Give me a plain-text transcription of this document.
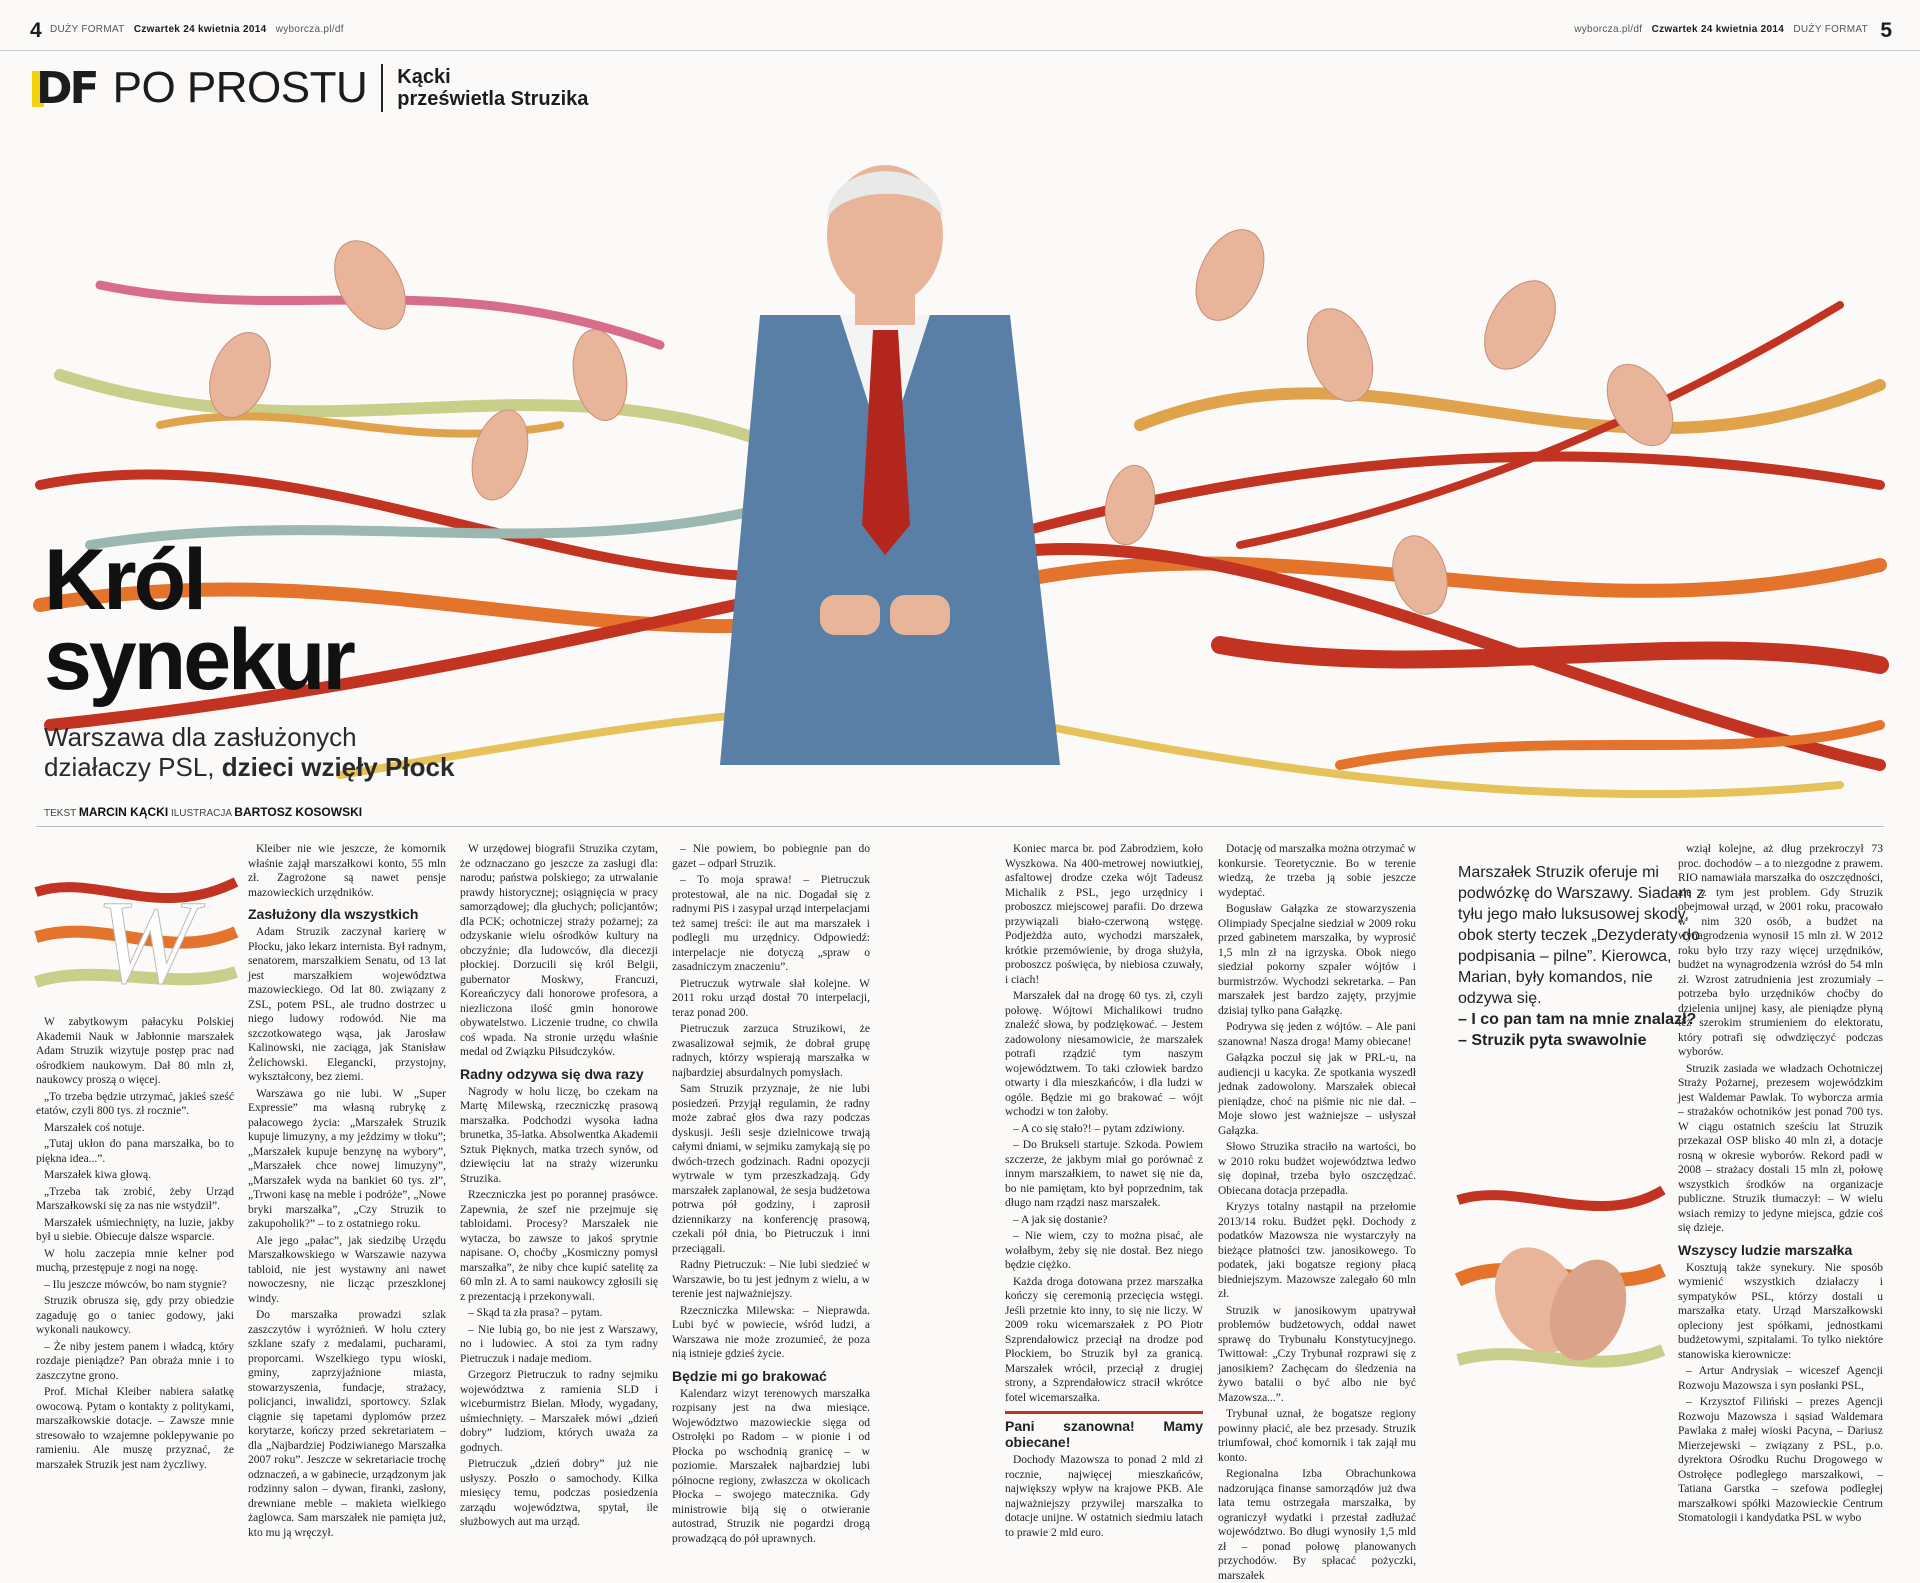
4 DUŻY FORMAT Czwartek 24 kwietnia 2014 wyborcza.pl/df	wyborcza.pl/df Czwartek 24 kwietnia 2014 DUŻY FORMAT 5
DF PO PROSTU Kącki
prześwietla Struzika
Król
synekur
Warszawa dla zasłużonych
działaczy PSL, dzieci wzięły Płock
TEKST MARCIN KĄCKI ILUSTRACJA BARTOSZ KOSOWSKI
W

W zabytkowym pałacyku Polskiej Akademii Nauk w Jabłonnie marszałek Adam Struzik wizytuje postęp prac nad ośrodkiem naukowym. Dał 80 mln zł, naukowcy proszą o więcej.

„To trzeba będzie utrzymać, jakieś sześć etatów, czyli 800 tys. zł rocznie”.

Marszałek coś notuje.

„Tutaj ukłon do pana marszałka, bo to piękna idea...”.

Marszałek kiwa głową.

„Trzeba tak zrobić, żeby Urząd Marszałkowski się za nas nie wstydził”.

Marszałek uśmiechnięty, na luzie, jakby był u siebie. Obiecuje dalsze wsparcie.

W holu zaczepia mnie kelner pod muchą, przestępuje z nogi na nogę.

– Ilu jeszcze mówców, bo nam stygnie?

Struzik obrusza się, gdy przy obiedzie zagaduję go o taniec godowy, jaki wykonali naukowcy.

– Że niby jestem panem i władcą, który rozdaje pieniądze? Pan obraża mnie i to zaszczytne grono.

Prof. Michał Kleiber nabiera sałatkę owocową. Pytam o kontakty z politykami, marszałkowskie dotacje. – Zawsze mnie stresowało to wzajemne poklepywanie po ramieniu. Ale muszę przyznać, że marszałek Struzik jest nam życzliwy.

Kleiber nie wie jeszcze, że komornik właśnie zajął marszałkowi konto, 55 mln zł. Zagrożone są nawet pensje mazowieckich urzędników.

Zasłużony dla wszystkich

Adam Struzik zaczynał karierę w Płocku, jako lekarz internista. Był radnym, senatorem, marszałkiem Senatu, od 13 lat jest marszałkiem województwa mazowieckiego. Od lat 80. związany z ZSL, potem PSL, ale trudno dostrzec u niego ludowy rodowód. Nie ma szczotkowatego wąsa, jak Jarosław Kalinowski, nie zaciąga, jak Stanisław Żelichowski. Elegancki, przystojny, wykształcony, bez ziemi.

Warszawa go nie lubi. W „Super Expressie” ma własną rubrykę z pałacowego życia: „Marszałek Struzik kupuje limuzyny, a my jeździmy w tłoku”; „Marszałek kupuje benzynę na wybory”, „Marszałek chce nowej limuzyny”, „Marszałek wyda na bankiet 60 tys. zł”, „Trwoni kasę na meble i podróże”, „Nowe bryki marszałka”, „Czy Struzik to zakupoholik?” – to z ostatniego roku.

Ale jego „pałac”, jak siedzibę Urzędu Marszałkowskiego w Warszawie nazywa tabloid, nie jest wystawny ani nawet nowoczesny, nie licząc przeszklonej windy.

Do marszałka prowadzi szlak zaszczytów i wyróżnień. W holu cztery szklane szafy z medalami, pucharami, proporcami. Wszelkiego typu wioski, gminy, zaprzyjaźnione miasta, stowarzyszenia, fundacje, strażacy, policjanci, inwalidzi, sportowcy. Szlak ciągnie się tapetami dyplomów przez korytarze, kończy przed sekretariatem – dla „Najbardziej Podziwianego Marszałka 2007 roku”. Jeszcze w sekretariacie trochę odznaczeń, a w gabinecie, urządzonym jak rodzinny salon – dywan, firanki, zasłony, drewniane meble – makieta wielkiego żaglowca. Sam marszałek nie pamięta już, kto mu ją wręczył.

W urzędowej biografii Struzika czytam, że odznaczano go jeszcze za zasługi dla: narodu; państwa polskiego; za utrwalanie prawdy historycznej; osiągnięcia w pracy samorządowej; dla głuchych; policjantów; dla PCK; ochotniczej straży pożarnej; za odzyskanie wielu ośrodków kultury na obczyźnie; dla ludowców, dla diecezji płockiej. Dorzucili się król Belgii, gubernator Moskwy, Francuzi, Koreańczycy dali honorowe profesora, a niezliczona ilość gmin honorowe obywatelstwo. Liczenie trudne, co chwila coś wpada. Na stronie urzędu właśnie medal od Związku Piłsudczyków.

Radny odzywa się dwa razy

Nagrody w holu liczę, bo czekam na Martę Milewską, rzeczniczkę prasową marszałka. Podchodzi wysoka ładna brunetka, 35-latka. Absolwentka Akademii Sztuk Pięknych, matka trzech synów, od dziewięciu lat na straży wizerunku Struzika.

Rzeczniczka jest po porannej prasówce. Zapewnia, że szef nie przejmuje się tabloidami. Procesy? Marszałek nie wytacza, bo zawsze to jakoś sprytnie napisane. O, choćby „Kosmiczny pomysł marszałka”, że niby chce kupić satelitę za 60 mln zł. A to sami naukowcy zgłosili się z prezentacją i przekonywali.

– Skąd ta zła prasa? – pytam.

– Nie lubią go, bo nie jest z Warszawy, no i ludowiec. A stoi za tym radny Pietruczuk i nadaje mediom.

Grzegorz Pietruczuk to radny sejmiku województwa z ramienia SLD i wiceburmistrz Bielan. Młody, wygadany, uśmiechnięty. – Marszałek mówi „dzień dobry” ludziom, których uważa za godnych.

Pietruczuk „dzień dobry” już nie usłyszy. Poszło o samochody. Kilka miesięcy temu, podczas posiedzenia zarządu województwa, spytał, ile służbowych aut ma urząd.

– Nie powiem, bo pobiegnie pan do gazet – odparł Struzik.

– To moja sprawa! – Pietruczuk protestował, ale na nic. Dogadał się z radnymi PiS i zasypał urząd interpelacjami też samej treści: ile aut ma marszałek i podlegli mu urzędnicy. Odpowiedź: interpelacje nie dotyczą „spraw o zasadniczym znaczeniu”.

Pietruczuk wytrwale słał kolejne. W 2011 roku urząd dostał 70 interpelacji, teraz ponad 200.

Pietruczuk zarzuca Struzikowi, że zwasalizował sejmik, że dobrał grupę radnych, którzy wspierają marszałka w najbardziej absurdalnych pomysłach.

Sam Struzik przyznaje, że nie lubi posiedzeń. Przyjął regulamin, że radny może zabrać głos dwa razy podczas dyskusji. Jeśli sesje dzielnicowe trwają całymi dniami, w sejmiku zamykają się po dwóch-trzech godzinach. Radni opozycji wytrwale w tym przeszkadzają. Gdy marszałek zaplanował, że sesja budżetowa potrwa pół godziny, i zaprosił dziennikarzy na konferencję prasową, czekali pół dnia, bo Pietruczuk i inni przeciągali.

Radny Pietruczuk: – Nie lubi siedzieć w Warszawie, bo tu jest jednym z wielu, a w terenie jest najważniejszy.

Rzeczniczka Milewska: – Nieprawda. Lubi być w powiecie, wśród ludzi, a Warszawa nie może zrozumieć, że poza nią istnieje gdzieś życie.

Będzie mi go brakować

Kalendarz wizyt terenowych marszałka rozpisany jest na dwa miesiące. Województwo mazowieckie sięga od Ostrołęki po Radom – w pionie i od Płocka po wschodnią granicę – w poziomie. Marszałek najbardziej lubi północne regiony, zwłaszcza w okolicach Płocka – swojego matecznika. Gdy ministrowie biją się o otwieranie autostrad, Struzik nie pogardzi drogą prowadzącą do pół uprawnych.

Koniec marca br. pod Zabrodziem, koło Wyszkowa. Na 400-metrowej nowiutkiej, asfaltowej drodze czeka wójt Tadeusz Michalik z PSL, jego urzędnicy i proboszcz miejscowej parafii. Do drzewa przywiązali biało-czerwoną wstęgę. Podjeżdża auto, wychodzi marszałek, krótkie przemówienie, by droga służyła, proboszcz poświęca, by niebiosa czuwały, i ciach!

Marszałek dał na drogę 60 tys. zł, czyli połowę. Wójtowi Michalikowi trudno znaleźć słowa, by podziękować. – Jestem zadowolony niesamowicie, że marszałek potrafi rządzić tym naszym województwem. To taki człowiek bardzo otwarty i dla mieszkańców, i dla ludzi w ogóle. Będzie mi go brakować – wójt wchodzi w ton żałoby.

– A co się stało?! – pytam zdziwiony.

– Do Brukseli startuje. Szkoda. Powiem szczerze, że jakbym miał go porównać z innym marszałkiem, to nawet się nie da, bo nie pamiętam, kto był poprzednim, tak długo nam rządzi nasz marszałek.

– A jak się dostanie?

– Nie wiem, czy to można pisać, ale wołałbym, żeby się nie dostał. Bez niego będzie ciężko.

Każda droga dotowana przez marszałka kończy się ceremonią przecięcia wstęgi. Jeśli przetnie kto inny, to się nie liczy. W 2009 roku wicemarszałek z PO Piotr Szprendałowicz przeciął na drodze pod Płockiem, bo Struzik był za granicą. Marszałek wrócił, przeciął z drugiej strony, a Szprendałowicz stracił wkrótce fotel wicemarszałka.

Pani szanowna! Mamy obiecane!

Dochody Mazowsza to ponad 2 mld zł rocznie, najwięcej mieszkańców, największy wpływ na krajowe PKB. Ale najważniejszy przywilej marszałka to dotacje unijne. W ostatnich siedmiu latach to prawie 2 mld euro.

Dotację od marszałka można otrzymać w konkursie. Teoretycznie. Bo w terenie wiedzą, że trzeba ją sobie jeszcze wydeptać.

Bogusław Gałązka ze stowarzyszenia Olimpiady Specjalne siedział w 2009 roku przed gabinetem marszałka, by wyprosić 1,5 mln zł na igrzyska. Obok niego siedział pokorny szpaler wójtów i burmistrzów. Wychodzi sekretarka. – Pan marszałek jest bardzo zajęty, przyjmie dzisiaj tylko pana Gałązkę.

Podrywa się jeden z wójtów. – Ale pani szanowna! Nasza droga! Mamy obiecane!

Gałązka poczuł się jak w PRL-u, na audiencji u kacyka. Ze spotkania wyszedł jednak zadowolony. Marszałek obiecał pieniądze, choć na piśmie nic nie dał. – Moje słowo jest ważniejsze – usłyszał Gałązka.

Słowo Struzika straciło na wartości, bo w 2010 roku budżet województwa ledwo się dopinał, trzeba było oszczędzać. Obiecana dotacja przepadła.

Kryzys totalny nastąpił na przełomie 2013/14 roku. Budżet pękł. Dochody z podatków Mazowsza nie wystarczyły na bieżące płatności tzw. janosikowego. To podatek, jaki bogatsze regiony płacą biedniejszym. Mazowsze zalegało 60 mln zł.

Struzik w janosikowym upatrywał problemów budżetowych, oddał nawet sprawę do Trybunału Konstytucyjnego. Twittował: „Czy Trybunał rozprawi się z janosikiem? Zachęcam do śledzenia na żywo batalii o być albo nie być Mazowsza...”.

Trybunał uznał, że bogatsze regiony powinny płacić, ale bez przesady. Struzik triumfował, choć komornik i tak zajął mu konto.

Regionalna Izba Obrachunkowa nadzorująca finanse samorządów już dwa lata temu ostrzegała marszałka, by ograniczył wydatki i przestał zadłużać województwo. Bo długi wynosiły 1,5 mld zł – ponad połowę planowanych przychodów. By spłacać pożyczki, marszałek

Marszałek Struzik oferuje mi podwózkę do Warszawy. Siadam z tyłu jego mało luksusowej skody, obok sterty teczek „Dezyderaty do podpisania – pilne”. Kierowca, Marian, były komandos, nie odzywa się.
– I co pan tam na mnie znalazł? – Struzik pyta swawolnie

wziął kolejne, aż dług przekroczył 73 proc. dochodów – a to niezgodne z prawem. RIO namawiała marszałka do oszczędności, ale z tym jest problem. Gdy Struzik obejmował urząd, w 2001 roku, pracowało w nim 320 osób, a budżet na wynagrodzenia wynosił 15 mln zł. W 2012 roku było trzy razy więcej urzędników, budżet na wynagrodzenia wzrósł do 54 mln zł. Wzrost zatrudnienia jest zrozumiały – potrzeba było urzędników choćby do dzielenia unijnej kasy, ale pieniądze płyną też szerokim strumieniem do elektoratu, który potrafi się odwdzięczyć podczas wyborów.

Struzik zasiada we władzach Ochotniczej Straży Pożarnej, prezesem wojewódzkim jest Waldemar Pawlak. To wyborcza armia – strażaków ochotników jest ponad 700 tys. W ciągu ostatnich sześciu lat Struzik przekazał OSP blisko 40 mln zł, a dotacje rosną w okresie wyborów. Rekord padł w 2008 – strażacy dostali 15 mln zł, połowę wszystkich środków na organizacje publiczne. Struzik tłumaczył: – W wielu wsiach remizy to jedyne miejsca, gdzie coś się dzieje.

Wszyscy ludzie marszałka

Kosztują także synekury. Nie sposób wymienić wszystkich działaczy i sympatyków PSL, którzy dostali u marszałka etaty. Urząd Marszałkowski opleciony jest spółkami, jednostkami budżetowymi, szpitalami. To tylko niektóre stanowiska kierownicze:

– Artur Andrysiak – wiceszef Agencji Rozwoju Mazowsza i syn posłanki PSL,

– Krzysztof Filiński – prezes Agencji Rozwoju Mazowsza i sąsiad Waldemara Pawlaka z małej wioski Pacyna, – Dariusz Mierzejewski – związany z PSL, p.o. dyrektora Ośrodku Ruchu Drogowego w Ostrołęce podległego marszałkowi, – Tatiana Garstka – szefowa podległej marszałkowi spółki Mazowieckie Centrum Stomatologii i kandydatka PSL w wybo
